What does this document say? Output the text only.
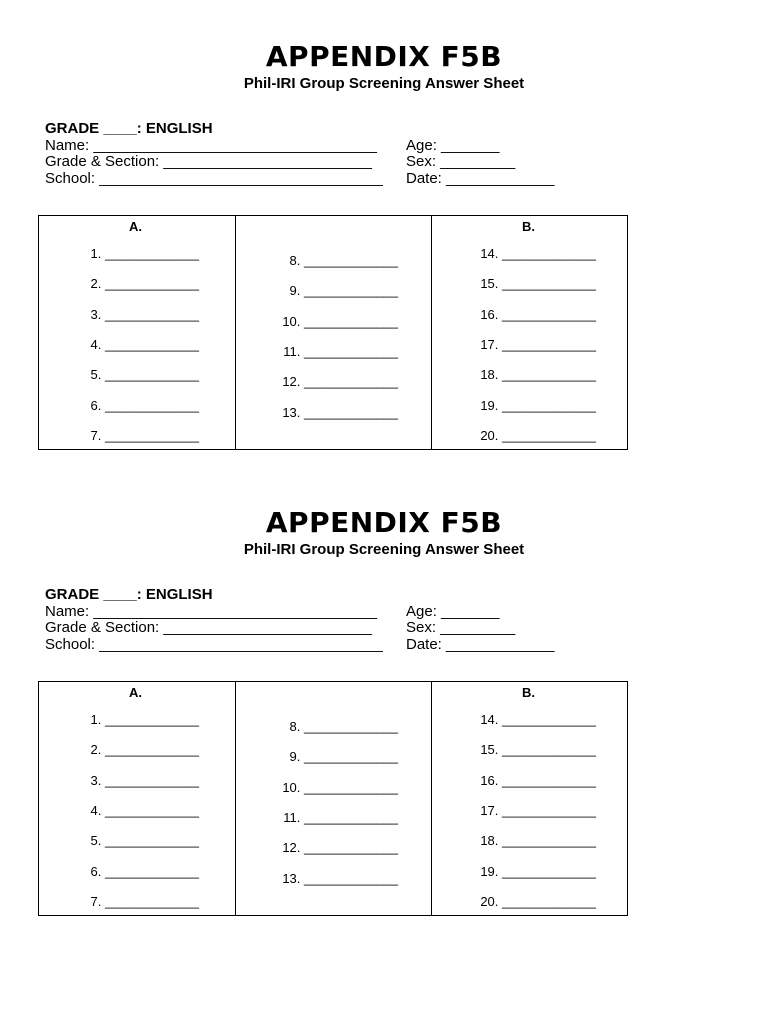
APPENDIX F5B
Phil-IRI Group Screening Answer Sheet
GRADE ____: ENGLISH
Name: __________________________________ Age: _______
Grade & Section: _________________________ Sex: _________
School: __________________________________ Date: _____________
A.	B.
1. _____________
2. _____________
3. _____________
4. _____________
5. _____________
6. _____________
7. _____________
8. _____________
9. _____________
10. _____________
11. _____________
12. _____________
13. _____________
14. _____________
15. _____________
16. _____________
17. _____________
18. _____________
19. _____________
20. _____________
APPENDIX F5B
Phil-IRI Group Screening Answer Sheet
GRADE ____: ENGLISH
Name: __________________________________ Age: _______
Grade & Section: _________________________ Sex: _________
School: __________________________________ Date: _____________
A.	B.
1. _____________
2. _____________
3. _____________
4. _____________
5. _____________
6. _____________
7. _____________
8. _____________
9. _____________
10. _____________
11. _____________
12. _____________
13. _____________
14. _____________
15. _____________
16. _____________
17. _____________
18. _____________
19. _____________
20. _____________
